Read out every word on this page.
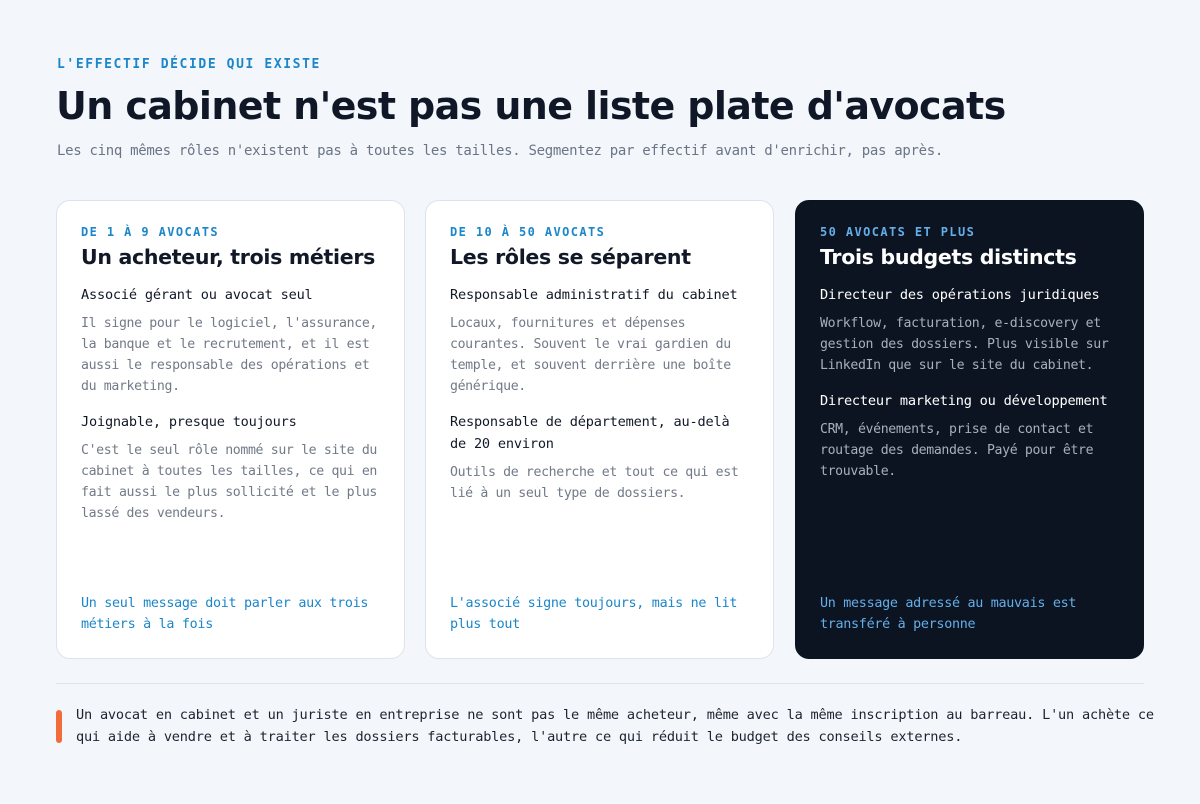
L'EFFECTIF DÉCIDE QUI EXISTE
Un cabinet n'est pas une liste plate d'avocats

Les cinq mêmes rôles n'existent pas à toutes les tailles. Segmentez par effectif avant d'enrichir, pas après.

DE 1 À 9 AVOCATS
Un acheteur, trois métiers
Associé gérant ou avocat seul
Il signe pour le logiciel, l'assurance, la banque et le recrutement, et il est aussi le responsable des opérations et du marketing.
Joignable, presque toujours
C'est le seul rôle nommé sur le site du cabinet à toutes les tailles, ce qui en fait aussi le plus sollicité et le plus lassé des vendeurs.
Un seul message doit parler aux trois métiers à la fois
DE 10 À 50 AVOCATS
Les rôles se séparent
Responsable administratif du cabinet
Locaux, fournitures et dépenses courantes. Souvent le vrai gardien du temple, et souvent derrière une boîte générique.
Responsable de département, au-delà de 20 environ
Outils de recherche et tout ce qui est lié à un seul type de dossiers.
L'associé signe toujours, mais ne lit plus tout
50 AVOCATS ET PLUS
Trois budgets distincts
Directeur des opérations juridiques
Workflow, facturation, e-discovery et gestion des dossiers. Plus visible sur LinkedIn que sur le site du cabinet.
Directeur marketing ou développement
CRM, événements, prise de contact et routage des demandes. Payé pour être trouvable.
Un message adressé au mauvais est transféré à personne

Un avocat en cabinet et un juriste en entreprise ne sont pas le même acheteur, même avec la même inscription au barreau. L'un achète ce qui aide à vendre et à traiter les dossiers facturables, l'autre ce qui réduit le budget des conseils externes.
